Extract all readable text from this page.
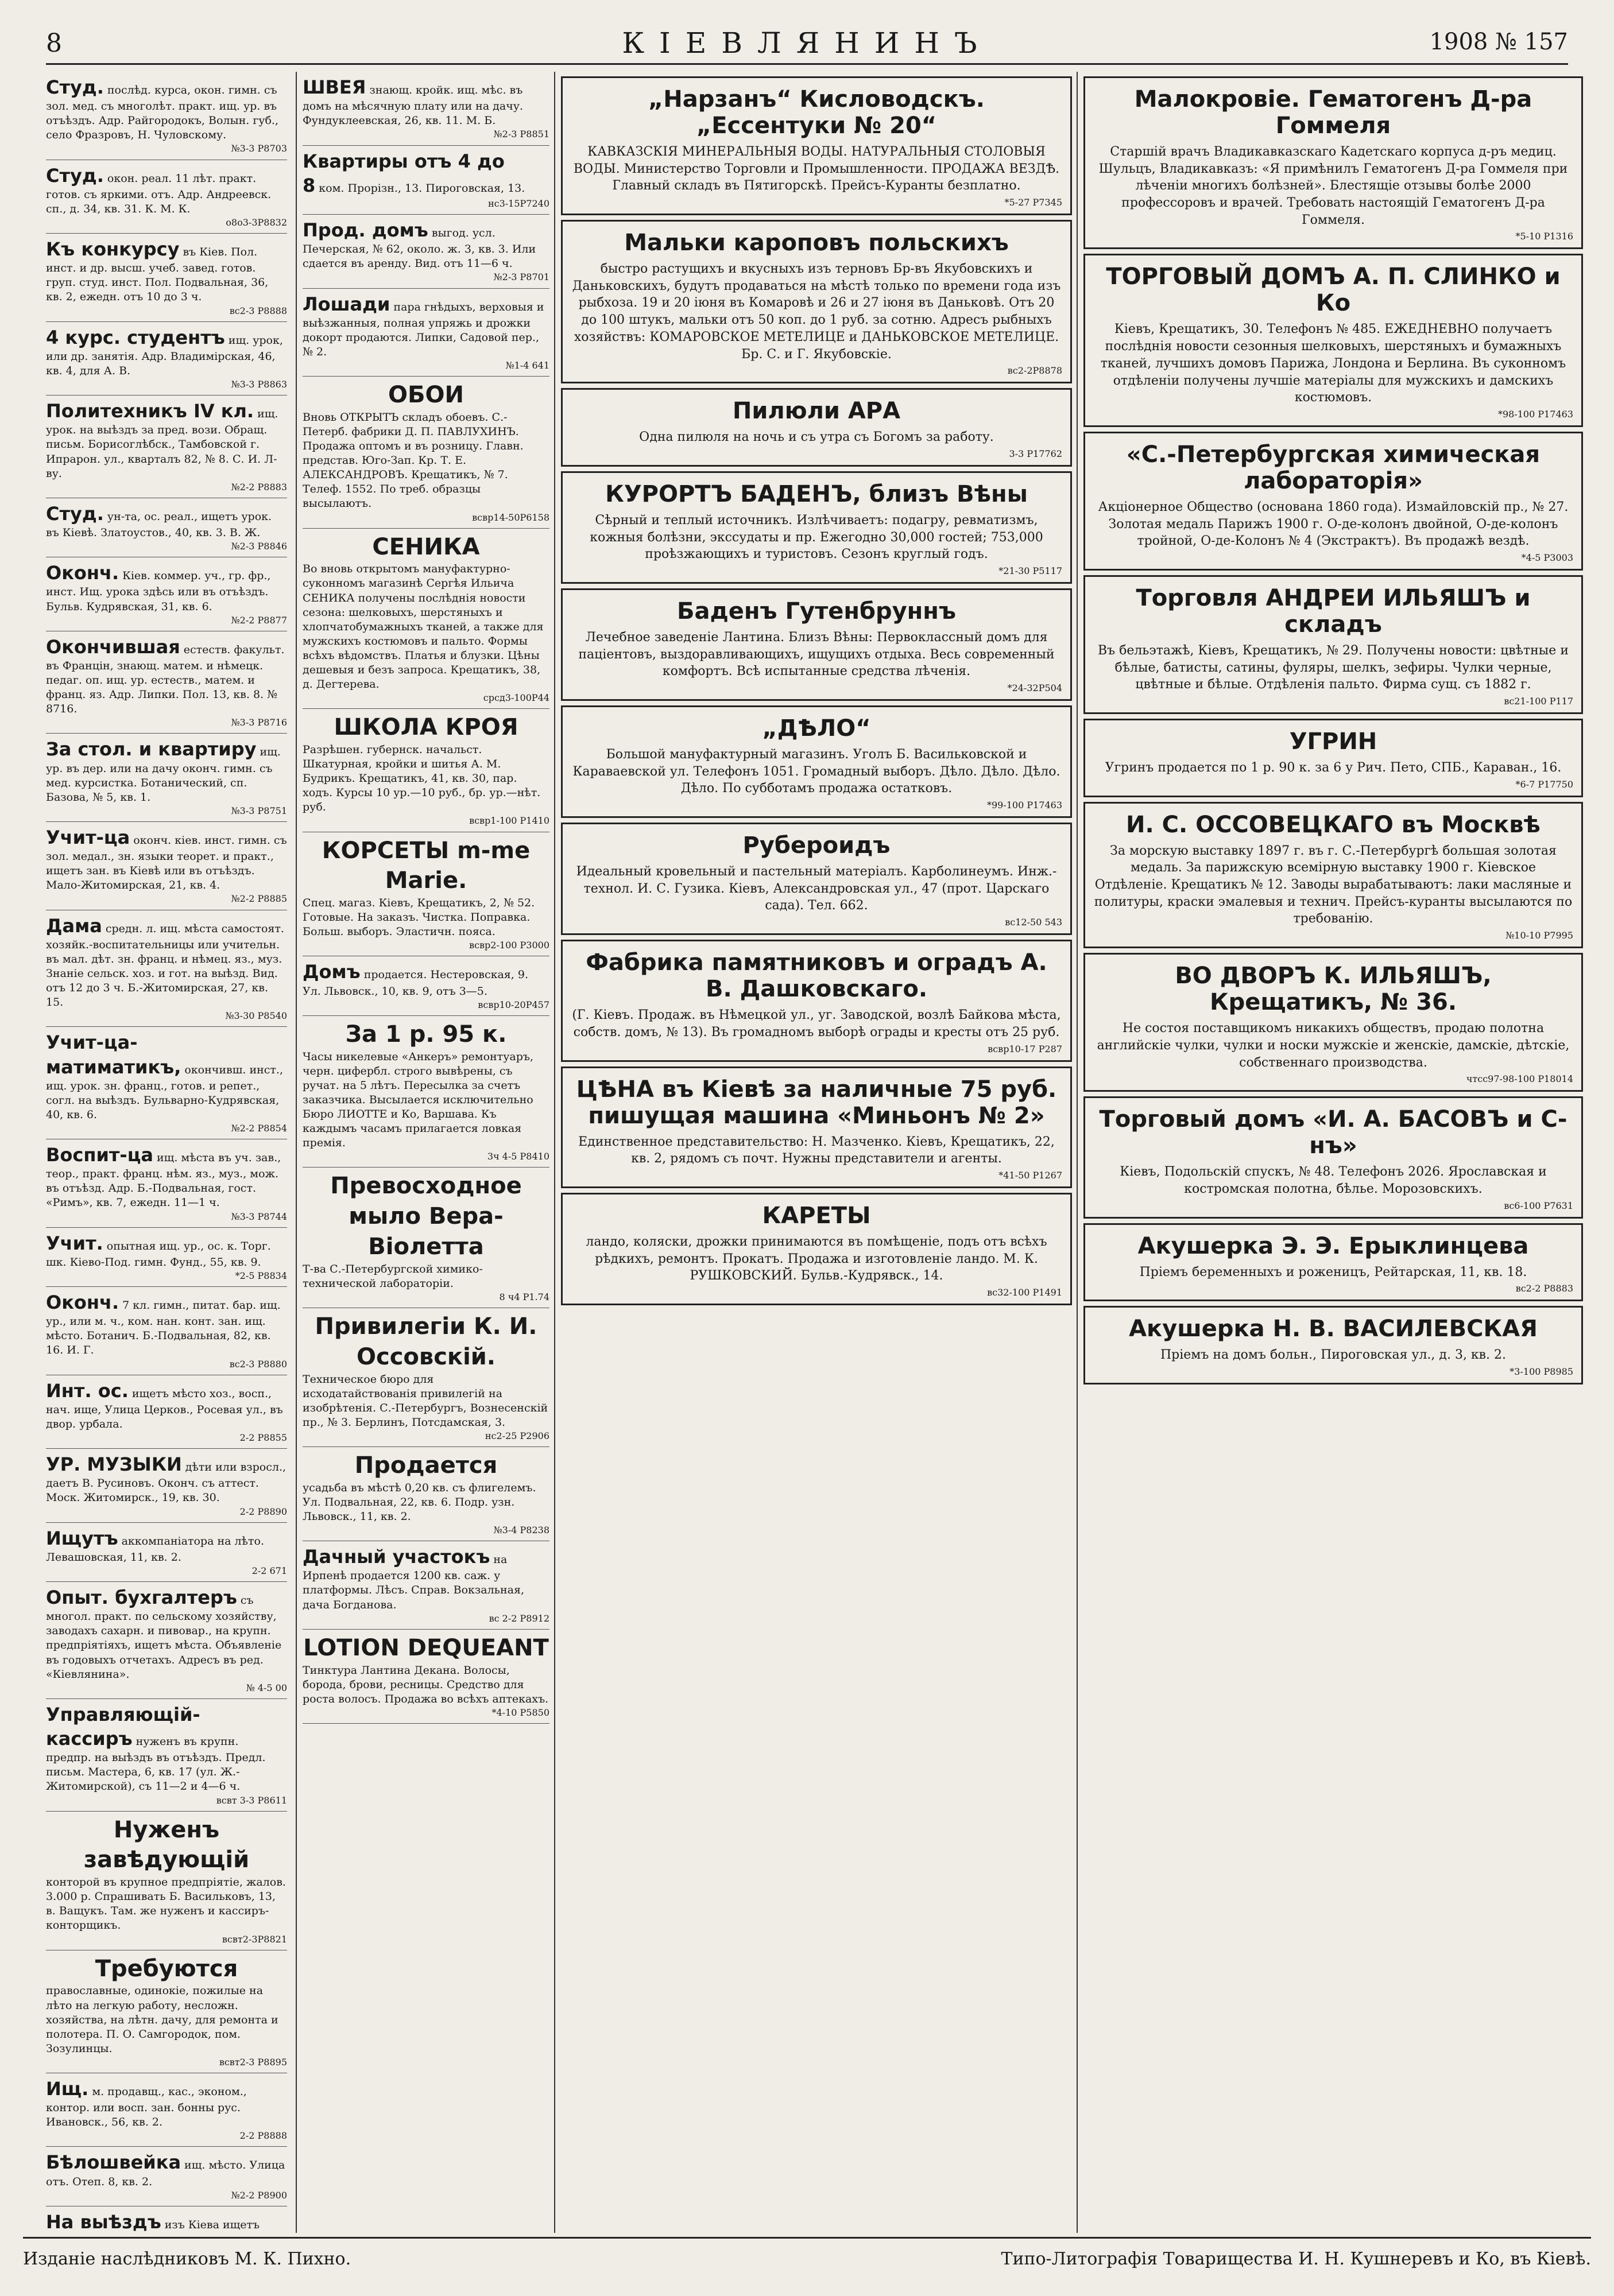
8	КІЕВЛЯНИНЪ	1908 № 157
Студ. послѣд. курса, окон. гимн. съ зол. мед. съ многолѣт. практ. ищ. ур. въ отъѣздъ. Адр. Райгородокъ, Волын. губ., село Фразровъ, Н. Чуловскому.
№3-3 Р8703
Студ. окон. реал. 11 лѣт. практ. готов. съ яркими. отъ. Адр. Андреевск. сп., д. 34, кв. 31. К. М. К.
о8о3-3Р8832
Къ конкурсу въ Кіев. Пол. инст. и др. высш. учеб. завед. готов. груп. студ. инст. Пол. Подвальная, 36, кв. 2, ежедн. отъ 10 до 3 ч.
вс2-3 Р8888
4 курс. студентъ ищ. урок, или др. занятія. Адр. Владимірская, 46, кв. 4, для А. В.
№3-3 Р8863
Политехникъ IV кл. ищ. урок. на выѣздъ за пред. вози. Обращ. письм. Борисоглѣбск., Тамбовской г. Ипрарон. ул., кварталъ 82, № 8. С. И. Л-ву.
№2-2 Р8883
Студ. ун-та, ос. реал., ищетъ урок. въ Кіевѣ. Златоустов., 40, кв. 3. В. Ж.
№2-3 Р8846
Оконч. Кіев. коммер. уч., гр. фр., инст. Ищ. урока здѣсь или въ отъѣздъ. Бульв. Кудрявская, 31, кв. 6.
№2-2 Р8877
Окончившая естеств. факульт. въ Францін, знающ. матем. и нѣмецк. педаг. оп. ищ. ур. естеств., матем. и франц. яз. Адр. Липки. Пол. 13, кв. 8. № 8716.
№3-3 Р8716
За стол. и квартиру ищ. ур. въ дер. или на дачу оконч. гимн. съ мед. курсистка. Ботанический, сп. Базова, № 5, кв. 1.
№3-3 Р8751
Учит-ца оконч. кіев. инст. гимн. съ зол. медал., зн. языки теорет. и практ., ищетъ зан. въ Кіевѣ или въ отъѣздъ. Мало-Житомирская, 21, кв. 4.
№2-2 Р8885
Дама средн. л. ищ. мѣста самостоят. хозяйк.-воспитательницы или учительн. въ мал. дѣт. зн. франц. и нѣмец. яз., муз. Знаніе сельск. хоз. и гот. на выѣзд. Вид. отъ 12 до 3 ч. Б.-Житомирская, 27, кв. 15.
№3-30 Р8540
Учит-ца-матиматикъ, окончивш. инст., ищ. урок. зн. франц., готов. и репет., согл. на выѣздъ. Бульварно-Кудрявская, 40, кв. 6.
№2-2 Р8854
Воспит-ца ищ. мѣста въ уч. зав., теор., практ. франц. нѣм. яз., муз., мож. въ отъѣзд. Адр. Б.-Подвальная, гост. «Римъ», кв. 7, ежедн. 11—1 ч.
№3-3 Р8744
Учит. опытная ищ. ур., ос. к. Торг. шк. Кіево-Под. гимн. Фунд., 55, кв. 9.
*2-5 Р8834
Оконч. 7 кл. гимн., питат. бар. ищ. ур., или м. ч., ком. нан. конт. зан. ищ. мѣсто. Ботанич. Б.-Подвальная, 82, кв. 16. И. Г.
вс2-3 Р8880
Инт. ос. ищетъ мѣсто хоз., восп., нач. ище, Улица Церков., Росевая ул., въ двор. урбала.
2-2 Р8855
УР. МУЗЫКИ дѣти или взросл., даетъ В. Русиновъ. Оконч. съ аттест. Моск. Житомирск., 19, кв. 30.
2-2 Р8890
Ищутъ аккомпаніатора на лѣто. Левашовская, 11, кв. 2.
2-2 671
Опыт. бухгалтеръ съ многол. практ. по сельскому хозяйству, заводахъ сахарн. и пивовар., на крупн. предпріятіяхъ, ищетъ мѣста. Объявленіе въ годовыхъ отчетахъ. Адресъ въ ред. «Кіевлянина».
№ 4-5 00
Управляющій-кассиръ нуженъ въ крупн. предпр. на выѣздъ въ отъѣздъ. Предл. письм. Мастера, 6, кв. 17 (ул. Ж.-Житомирской), съ 11—2 и 4—6 ч.
всвт 3-3 Р8611
Нуженъ завѣдующій
конторой въ крупное предпріятіе, жалов. 3.000 р. Спрашивать Б. Васильковъ, 13, в. Ващукъ. Там. же нуженъ и кассиръ-конторщикъ.
всвт2-3Р8821
Требуются
православные, одинокіе, пожилые на лѣто на легкую работу, несложн. хозяйства, на лѣтн. дачу, для ремонта и полотера. П. О. Самгородок, пом. Зозулинцы.
всвт2-3 Р8895
Ищ. м. продавщ., кас., эконом., контор. или восп. зан. бонны рус. Ивановск., 56, кв. 2.
2-2 Р8888
Бѣлошвейка ищ. мѣсто. Улица отъ. Отеп. 8, кв. 2.
№2-2 Р8900
На выѣздъ изъ Кіева ищетъ
ШВЕЯ знающ. кройк. ищ. мѣс. въ домъ на мѣсячную плату или на дачу. Фундуклеевская, 26, кв. 11. М. Б.
№2-3 Р8851
Квартиры отъ 4 до 8 ком. Прорізн., 13. Пироговская, 13.
нс3-15Р7240
Прод. домъ выгод. усл. Печерская, № 62, около. ж. 3, кв. 3. Или сдается въ аренду. Вид. отъ 11—6 ч.
№2-3 Р8701
Лошади пара гнѣдыхъ, верховыя и выѣзжанныя, полная упряжь и дрожки докорт продаются. Липки, Садовой пер., № 2.
№1-4 641
ОБОИ
Вновь ОТКРЫТЪ складъ обоевъ. С.-Петерб. фабрики Д. П. ПАВЛУХИНЪ. Продажа оптомъ и въ розницу. Главн. представ. Юго-Зап. Кр. Т. Е. АЛЕКСАНДРОВЪ. Крещатикъ, № 7. Телеф. 1552. По треб. образцы высылаютъ.
всвр14-50Р6158
СЕНИКА
Во вновь открытомъ мануфактурно-суконномъ магазинѣ Сергѣя Ильича СЕНИКА получены послѣднія новости сезона: шелковыхъ, шерстяныхъ и хлопчатобумажныхъ тканей, а также для мужскихъ костюмовъ и пальто. Формы всѣхъ вѣдомствъ. Платья и блузки. Цѣны дешевыя и безъ запроса. Крещатикъ, 38, д. Дегтерева.
срсд3-100Р44
ШКОЛА КРОЯ
Разрѣшен. губернск. начальст. Шкатурная, кройки и шитья А. М. Будрикъ. Крещатикъ, 41, кв. 30, пар. ходъ. Курсы 10 ур.—10 руб., бр. ур.—нѣт. руб.
всвр1-100 Р1410
КОРСЕТЫ m-me Marie.
Спец. магаз. Кіевъ, Крещатикъ, 2, № 52. Готовые. На заказъ. Чистка. Поправка. Больш. выборъ. Эластичн. пояса.
всвр2-100 Р3000
Домъ продается. Нестеровская, 9. Ул. Львовск., 10, кв. 9, отъ 3—5.
всвр10-20Р457
За 1 р. 95 к.
Часы никелевые «Анкеръ» ремонтуаръ, черн. цифербл. строго вывѣрены, съ ручат. на 5 лѣтъ. Пересылка за счетъ заказчика. Высылается исключительно Бюро ЛИОТТЕ и Ко, Варшава. Къ каждымъ часамъ прилагается ловкая премія.
3ч 4-5 Р8410
Превосходное мыло Вера-Віолетта
Т-ва С.-Петербургской химико-технической лабораторіи.
8 ч4 Р1.74
Привилегіи К. И. Оссовскій.
Техническое бюро для исходатайствованія привилегій на изобрѣтенія. С.-Петербургъ, Вознесенскій пр., № 3. Берлинъ, Потсдамская, 3.
нс2-25 Р2906
Продается
усадьба въ мѣстѣ 0,20 кв. съ флигелемъ. Ул. Подвальная, 22, кв. 6. Подр. узн. Львовск., 11, кв. 2.
№3-4 Р8238
Дачный участокъ на Ирпенѣ продается 1200 кв. саж. у платформы. Лѣсъ. Справ. Вокзальная, дача Богданова.
вс 2-2 Р8912
LOTION DEQUEANT
Тинктура Лантина Декана. Волосы, борода, брови, ресницы. Средство для роста волосъ. Продажа во всѣхъ аптекахъ.
*4-10 Р5850
„Нарзанъ“ Кисловодскъ. „Ессентуки № 20“
КАВКАЗСКІЯ МИНЕРАЛЬНЫЯ ВОДЫ. НАТУРАЛЬНЫЯ СТОЛОВЫЯ ВОДЫ. Министерство Торговли и Промышленности. ПРОДАЖА ВЕЗДѢ. Главный складъ въ Пятигорскѣ. Прейсъ-Куранты безплатно.
*5-27 Р7345
Мальки кароповъ польскихъ
быстро растущихъ и вкусныхъ изъ терновъ Бр-въ Якубовскихъ и Даньковскихъ, будутъ продаваться на мѣстѣ только по времени года изъ рыбхоза. 19 и 20 іюня въ Комаровѣ и 26 и 27 іюня въ Даньковѣ. Отъ 20 до 100 штукъ, мальки отъ 50 коп. до 1 руб. за сотню. Адресъ рыбныхъ хозяйствъ: КОМАРОВСКОЕ МЕТЕЛИЦЕ и ДАНЬКОВСКОЕ МЕТЕЛИЦЕ. Бр. С. и Г. Якубовскіе.
вс2-2Р8878
Пилюли АРА
Одна пилюля на ночь и съ утра съ Богомъ за работу.
3-3 Р17762
КУРОРТЪ БАДЕНЪ, близъ Вѣны
Сѣрный и теплый источникъ. Излѣчиваетъ: подагру, ревматизмъ, кожныя болѣзни, экссудаты и пр. Ежегодно 30,000 гостей; 753,000 проѣзжающихъ и туристовъ. Сезонъ круглый годъ.
*21-30 Р5117
Баденъ Гутенбруннъ
Лечебное заведеніе Лантина. Близъ Вѣны: Первоклассный домъ для пацiентовъ, выздоравливающихъ, ищущихъ отдыха. Весь современный комфортъ. Всѣ испытанные средства лѣченія.
*24-32Р504
„ДѢЛО“
Большой мануфактурный магазинъ. Уголъ Б. Васильковской и Караваевской ул. Телефонъ 1051. Громадный выборъ. Дѣло. Дѣло. Дѣло. Дѣло. По субботамъ продажа остатковъ.
*99-100 Р17463
Рубероидъ
Идеальный кровельный и пастельный матеріалъ. Карболинеумъ. Инж.-технол. И. С. Гузика. Кіевъ, Александровская ул., 47 (прот. Царскаго сада). Тел. 662.
вс12-50 543
Фабрика памятниковъ и оградъ А. В. Дашковскаго.
(Г. Кіевъ. Продаж. въ Нѣмецкой ул., уг. Заводской, возлѣ Байкова мѣста, собств. домъ, № 13). Въ громадномъ выборѣ ограды и кресты отъ 25 руб.
всвр10-17 Р287
ЦѢНА въ Кіевѣ за наличные 75 руб. пишущая машина «Миньонъ № 2»
Единственное представительство: Н. Мазченко. Кіевъ, Крещатикъ, 22, кв. 2, рядомъ съ почт. Нужны представители и агенты.
*41-50 Р1267
КАРЕТЫ
ландо, коляски, дрожки принимаются въ помѣщеніе, подъ отъ всѣхъ рѣдкихъ, ремонтъ. Прокатъ. Продажа и изготовленіе ландо. М. К. РУШКОВСКИЙ. Бульв.-Кудрявск., 14.
вс32-100 Р1491
Малокровіе. Гематогенъ Д-ра Гоммеля
Старшій врачъ Владикавказскаго Кадетскаго корпуса д-ръ медиц. Шульцъ, Владикавказъ: «Я примѣнилъ Гематогенъ Д-ра Гоммеля при лѣченіи многихъ болѣзней». Блестящіе отзывы болѣе 2000 профессоровъ и врачей. Требовать настоящій Гематогенъ Д-ра Гоммеля.
*5-10 Р1316
ТОРГОВЫЙ ДОМЪ А. П. СЛИНКО и Ко
Кіевъ, Крещатикъ, 30. Телефонъ № 485. ЕЖЕДНЕВНО получаетъ послѣднія новости сезонныя шелковыхъ, шерстяныхъ и бумажныхъ тканей, лучшихъ домовъ Парижа, Лондона и Берлина. Въ суконномъ отдѣленіи получены лучшіе матеріалы для мужскихъ и дамскихъ костюмовъ.
*98-100 Р17463
«С.-Петербургская химическая лабораторія»
Акціонерное Общество (основана 1860 года). Измайловскій пр., № 27. Золотая медаль Парижъ 1900 г. О-де-колонъ двойной, О-де-колонъ тройной, О-де-Колонъ № 4 (Экстрактъ). Въ продажѣ вездѣ.
*4-5 Р3003
Торговля АНДРЕИ ИЛЬЯШЪ и складъ
Въ бельэтажѣ, Кіевъ, Крещатикъ, № 29. Получены новости: цвѣтные и бѣлые, батисты, сатины, фуляры, шелкъ, зефиры. Чулки черные, цвѣтные и бѣлые. Отдѣленія пальто. Фирма сущ. съ 1882 г.
вс21-100 Р117
УГРИН
Угринъ продается по 1 р. 90 к. за 6 у Рич. Пето, СПБ., Караван., 16.
*6-7 Р17750
И. С. ОССОВЕЦКАГО въ Москвѣ
За морскую выставку 1897 г. въ г. С.-Петербургѣ большая золотая медаль. За парижскую всемірную выставку 1900 г. Кіевское Отдѣленіе. Крещатикъ № 12. Заводы вырабатываютъ: лаки масляные и политуры, краски эмалевыя и технич. Прейсъ-куранты высылаются по требованію.
№10-10 Р7995
ВО ДВОРЪ К. ИЛЬЯШЪ, Крещатикъ, № 36.
Не состоя поставщикомъ никакихъ обществъ, продаю полотна английскіе чулки, чулки и носки мужскіе и женскіе, дамскіе, дѣтскіе, собственнаго производства.
чтсс97-98-100 Р18014
Торговый домъ «И. А. БАСОВЪ и С-нъ»
Кіевъ, Подольскій спускъ, № 48. Телефонъ 2026. Ярославская и костромская полотна, бѣлье. Морозовскихъ.
вс6-100 Р7631
Акушерка Э. Э. Ерыклинцева
Пріемъ беременныхъ и роженицъ, Рейтарская, 11, кв. 18.
вс2-2 Р8883
Акушерка Н. В. ВАСИЛЕВСКАЯ
Пріемъ на домъ больн., Пироговская ул., д. 3, кв. 2.
*3-100 Р8985
Изданіе наслѣдниковъ М. К. Пихно.	Типо-Литографія Товарищества И. Н. Кушнеревъ и Ко, въ Кіевѣ.
